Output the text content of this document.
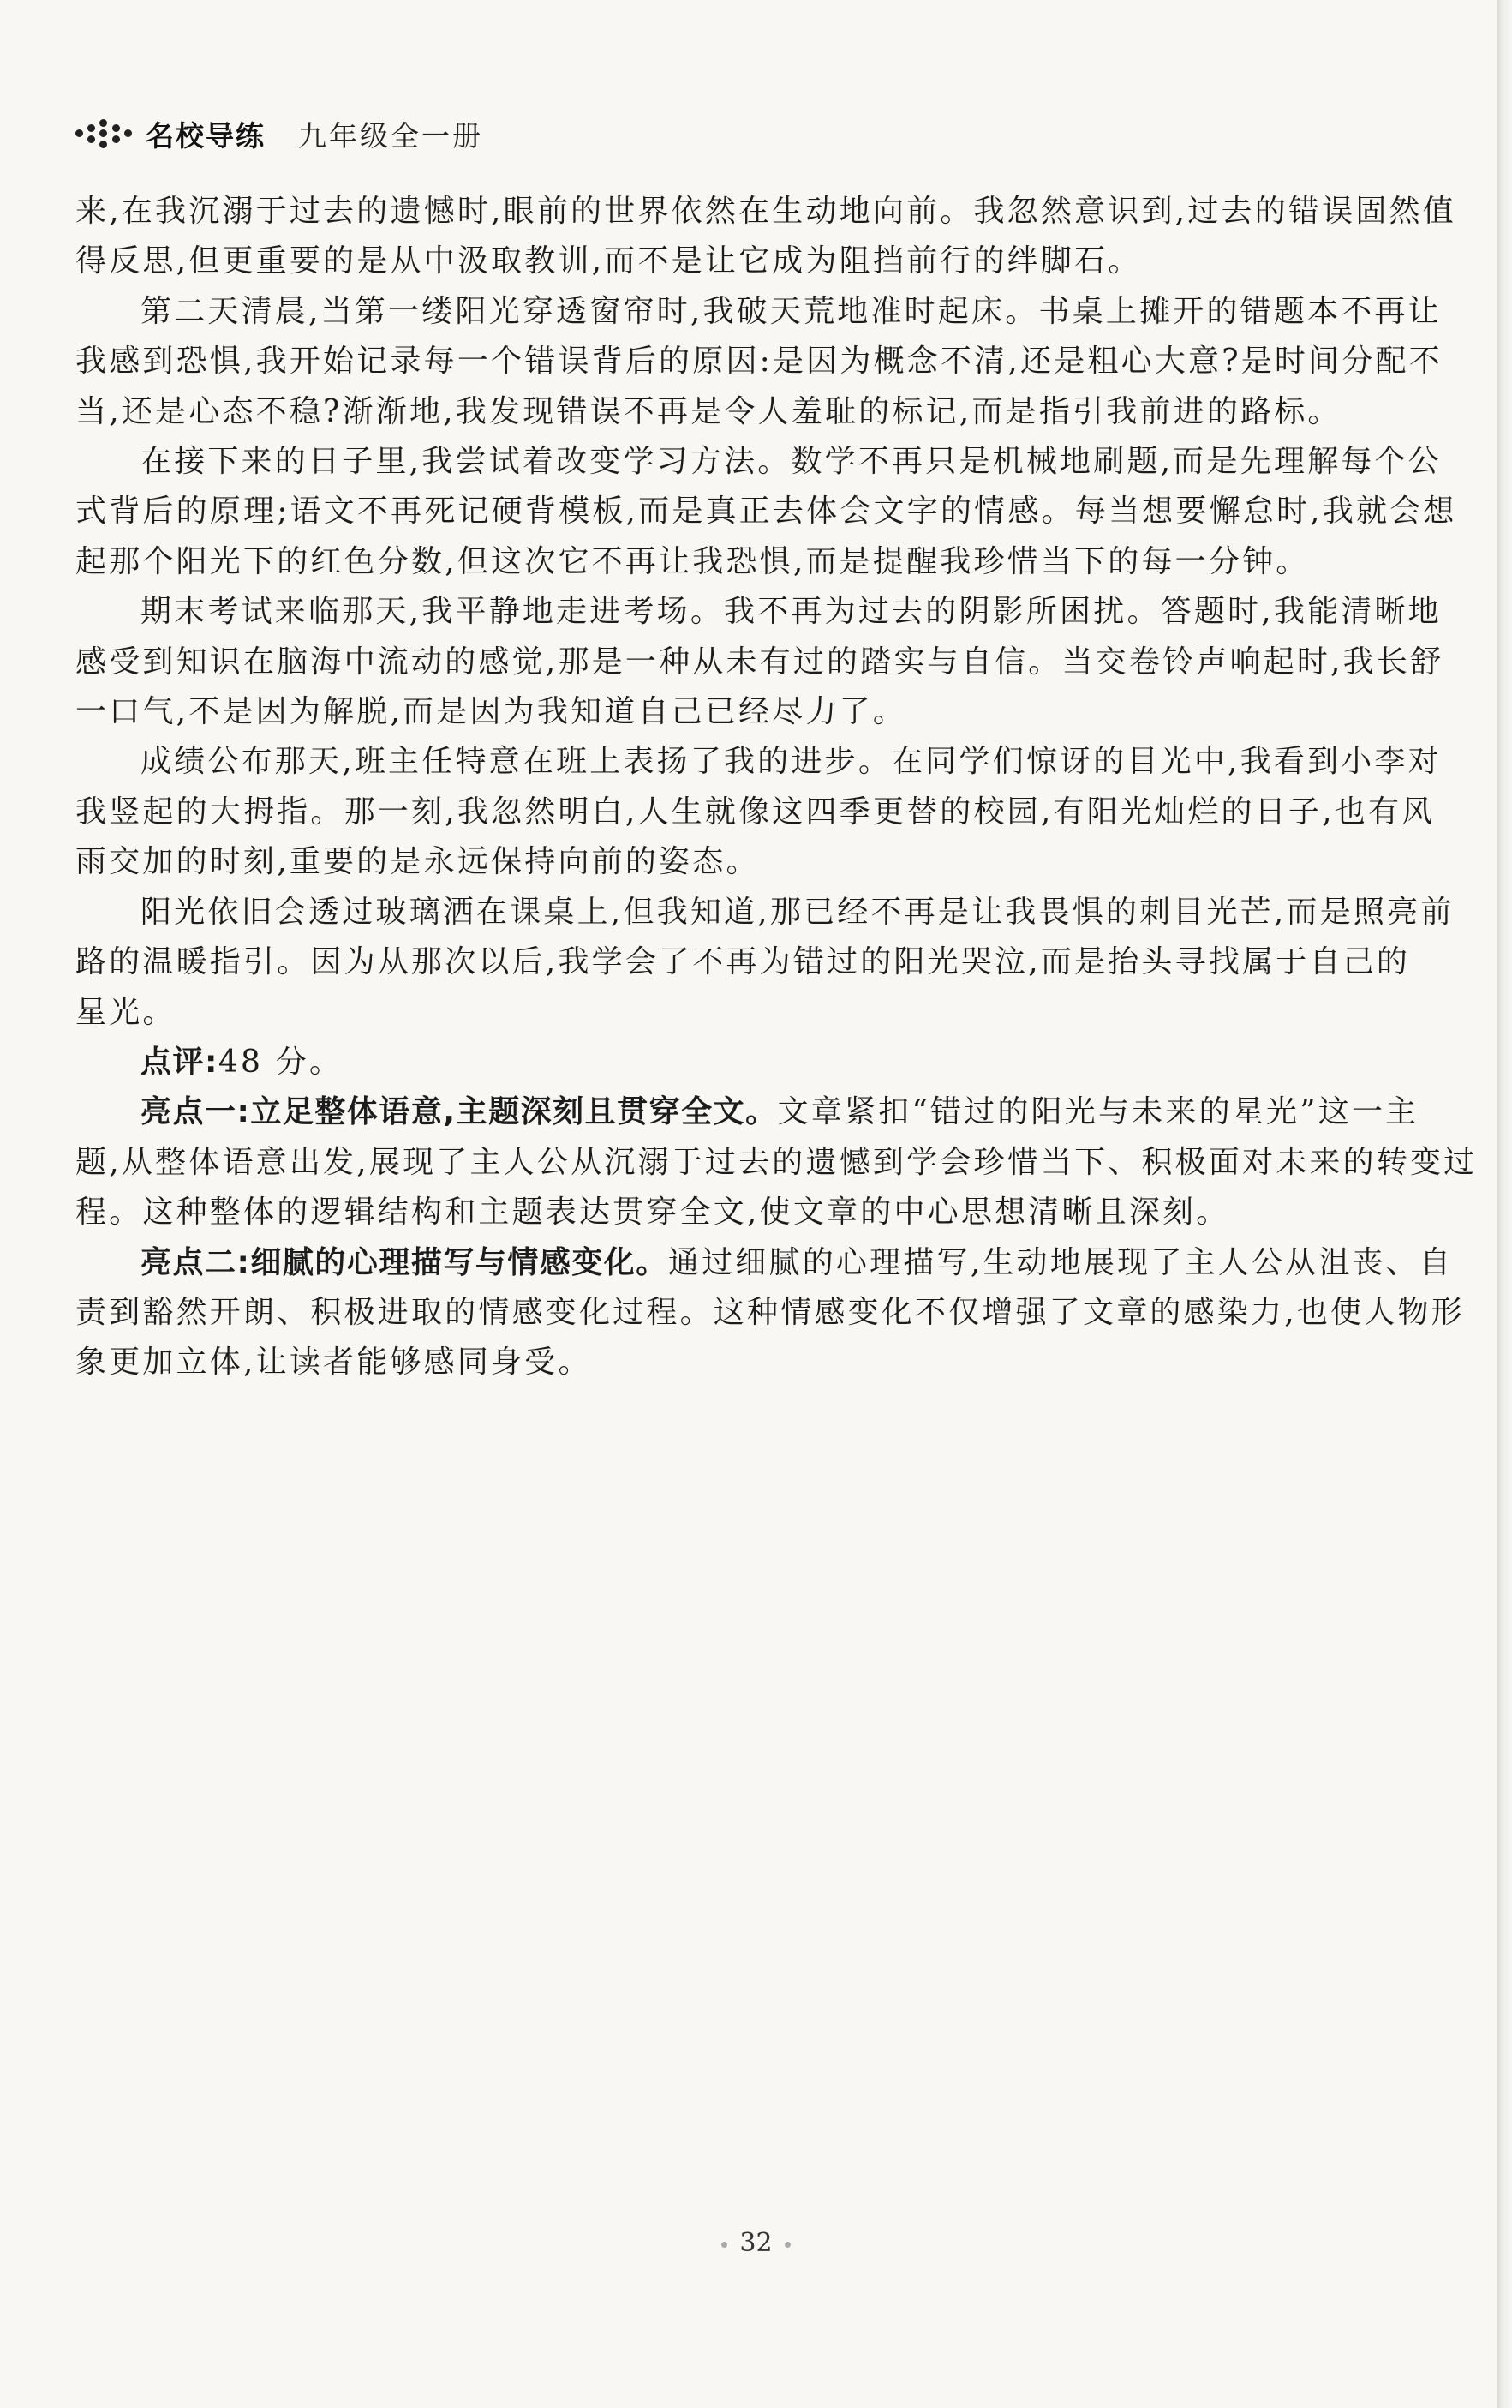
名校导练 九年级全一册

来,在我沉溺于过去的遗憾时,眼前的世界依然在生动地向前。我忽然意识到,过去的错误固然值

得反思,但更重要的是从中汲取教训,而不是让它成为阻挡前行的绊脚石。

第二天清晨,当第一缕阳光穿透窗帘时,我破天荒地准时起床。书桌上摊开的错题本不再让

我感到恐惧,我开始记录每一个错误背后的原因:是因为概念不清,还是粗心大意?是时间分配不

当,还是心态不稳?渐渐地,我发现错误不再是令人羞耻的标记,而是指引我前进的路标。

在接下来的日子里,我尝试着改变学习方法。数学不再只是机械地刷题,而是先理解每个公

式背后的原理;语文不再死记硬背模板,而是真正去体会文字的情感。每当想要懈怠时,我就会想

起那个阳光下的红色分数,但这次它不再让我恐惧,而是提醒我珍惜当下的每一分钟。

期末考试来临那天,我平静地走进考场。我不再为过去的阴影所困扰。答题时,我能清晰地

感受到知识在脑海中流动的感觉,那是一种从未有过的踏实与自信。当交卷铃声响起时,我长舒

一口气,不是因为解脱,而是因为我知道自己已经尽力了。

成绩公布那天,班主任特意在班上表扬了我的进步。在同学们惊讶的目光中,我看到小李对

我竖起的大拇指。那一刻,我忽然明白,人生就像这四季更替的校园,有阳光灿烂的日子,也有风

雨交加的时刻,重要的是永远保持向前的姿态。

阳光依旧会透过玻璃洒在课桌上,但我知道,那已经不再是让我畏惧的刺目光芒,而是照亮前

路的温暖指引。因为从那次以后,我学会了不再为错过的阳光哭泣,而是抬头寻找属于自己的

星光。

点评:48 分。

亮点一:立足整体语意,主题深刻且贯穿全文。文章紧扣“错过的阳光与未来的星光”这一主

题,从整体语意出发,展现了主人公从沉溺于过去的遗憾到学会珍惜当下、积极面对未来的转变过

程。这种整体的逻辑结构和主题表达贯穿全文,使文章的中心思想清晰且深刻。

亮点二:细腻的心理描写与情感变化。通过细腻的心理描写,生动地展现了主人公从沮丧、自

责到豁然开朗、积极进取的情感变化过程。这种情感变化不仅增强了文章的感染力,也使人物形

象更加立体,让读者能够感同身受。

32
